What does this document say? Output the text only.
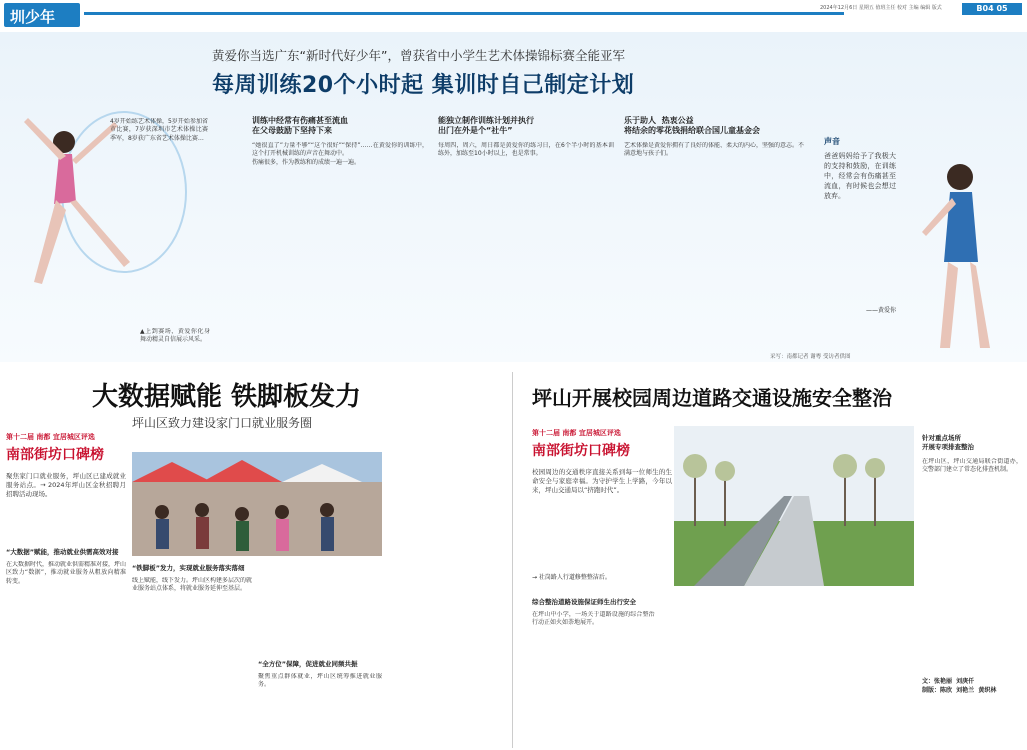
圳少年	2024年12月6日 星期五 值班主任 校对 主编 编辑 版式	B04 05
黄爱你当选广东“新时代好少年”，曾获省中小学生艺术体操锦标赛全能亚军
每周训练20个小时起 集训时自己制定计划
4岁开始练艺术体操，5岁开始参加省市比赛，7岁获深圳市艺术体操比赛季军，8岁获广东省艺术体操比赛…
▲上到赛场，黄爱你化身舞动精灵自信展示风采。
训练中经常有伤痛甚至流血
在父母鼓励下坚持下来
“她很直了”力量不够”“这个很好”“保持”……在黄爱你的训练中，这个打开机械训练的声音在舞动中。
伤痛很多，作为教练和的成绩一遍一遍。
能独立制作训练计划并执行
出门在外是个“社牛”
每周四，周六，周日都是黄爱你的练习日，在6个半小时的基本训练外，加练至10小时以上，也是常事。
乐于助人  热衷公益
将结余的零花钱捐给联合国儿童基金会
艺术体操是黄爱你拥有了良好的体能、柔大的内心，坚强的意志。不满意地与孩子们。
声音
爸爸妈妈给予了我极大的支持和鼓励，在训练中，经常会有伤痛甚至流血，有时候也会想过放弃。
——黄爱你
采写：南都记者 谢粤 受访者供图
大数据赋能 铁脚板发力
坪山区致力建设家门口就业服务圈
第十二届 南都 宜居城区评选
南部街坊口碑榜
聚焦家门口就业服务，坪山区已建成就业服务站点。→ 2024年坪山区金秋招聘月招聘活动现场。
“大数据”赋能，推动就业供需高效对接
在大数据时代，推动就业供需精准对接，坪山区致力“数据”，推动就业服务从粗放向精准转变。
“铁脚板”发力，实现就业服务落实落细
线上赋能，线下发力。坪山区构建多层次的就业服务站点体系，将就业服务延伸至基层。
“全方位”保障，促进就业同频共振
聚焦重点群体就业，坪山区统筹推进就业服务。
坪山开展校园周边道路交通设施安全整治
第十二届 南都 宜居城区评选
南部街坊口碑榜
校园周边的交通秩序直接关系到每一位师生的生命安全与家庭幸福。为守护学生上学路，今年以来，坪山交通局以“挤跑时代”。
→ 社岗路人行道修整整洁后。
针对重点场所
开展专项排查整治
在坪山区，坪山交通局联合街道办，交警部门建立了常态化排查机制。
文：张艳丽  刘庚仟
制版：陈欣  刘艳兰  黄织林
综合整治道路设施保证师生出行安全
在坪山中小学，一场关于道路设施的综合整治行动正如火如荼地展开。
